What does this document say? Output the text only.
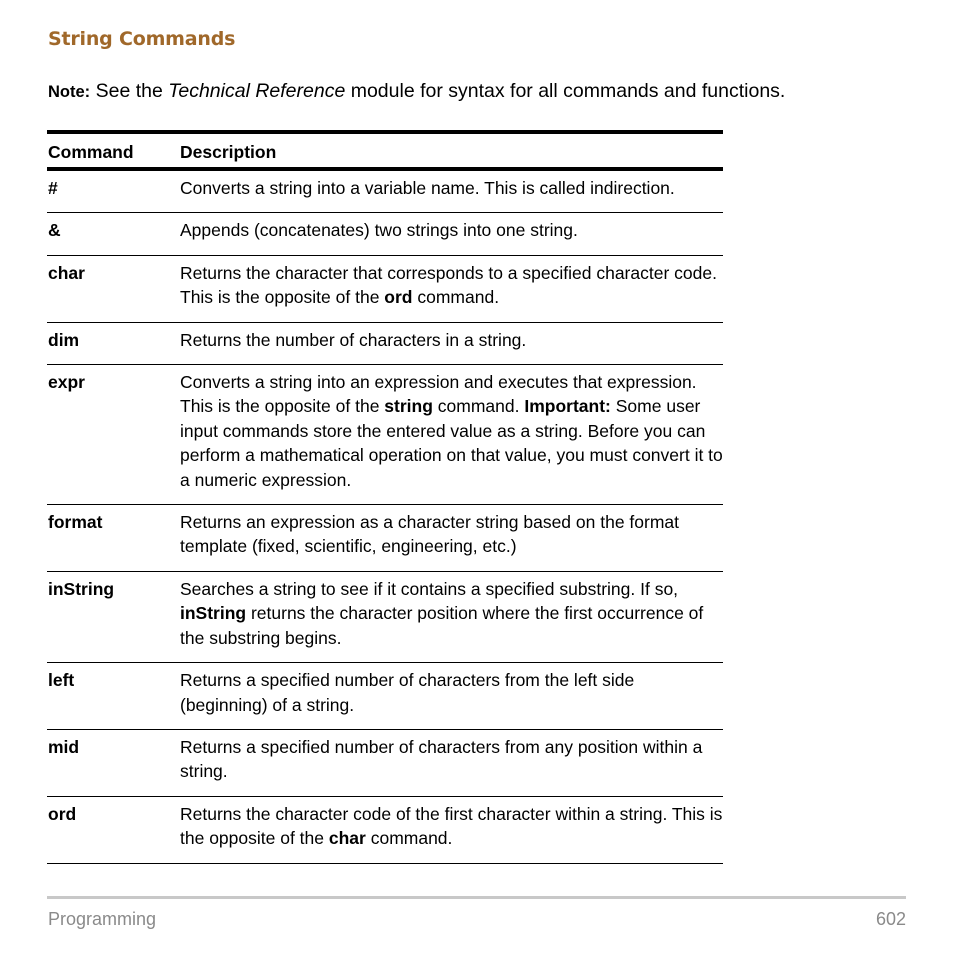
String Commands
Note: See the Technical Reference module for syntax for all commands and functions.
Command	Description
#	Converts a string into a variable name. This is called indirection.
&	Appends (concatenates) two strings into one string.
char	Returns the character that corresponds to a specified character code. This is the opposite of the ord command.
dim	Returns the number of characters in a string.
expr	Converts a string into an expression and executes that expression. This is the opposite of the string command. Important: Some user input commands store the entered value as a string. Before you can perform a mathematical operation on that value, you must convert it to a numeric expression.
format	Returns an expression as a character string based on the format template (fixed, scientific, engineering, etc.)
inString	Searches a string to see if it contains a specified substring. If so, inString returns the character position where the first occurrence of the substring begins.
left	Returns a specified number of characters from the left side (beginning) of a string.
mid	Returns a specified number of characters from any position within a string.
ord	Returns the character code of the first character within a string. This is the opposite of the char command.
Programming	602
